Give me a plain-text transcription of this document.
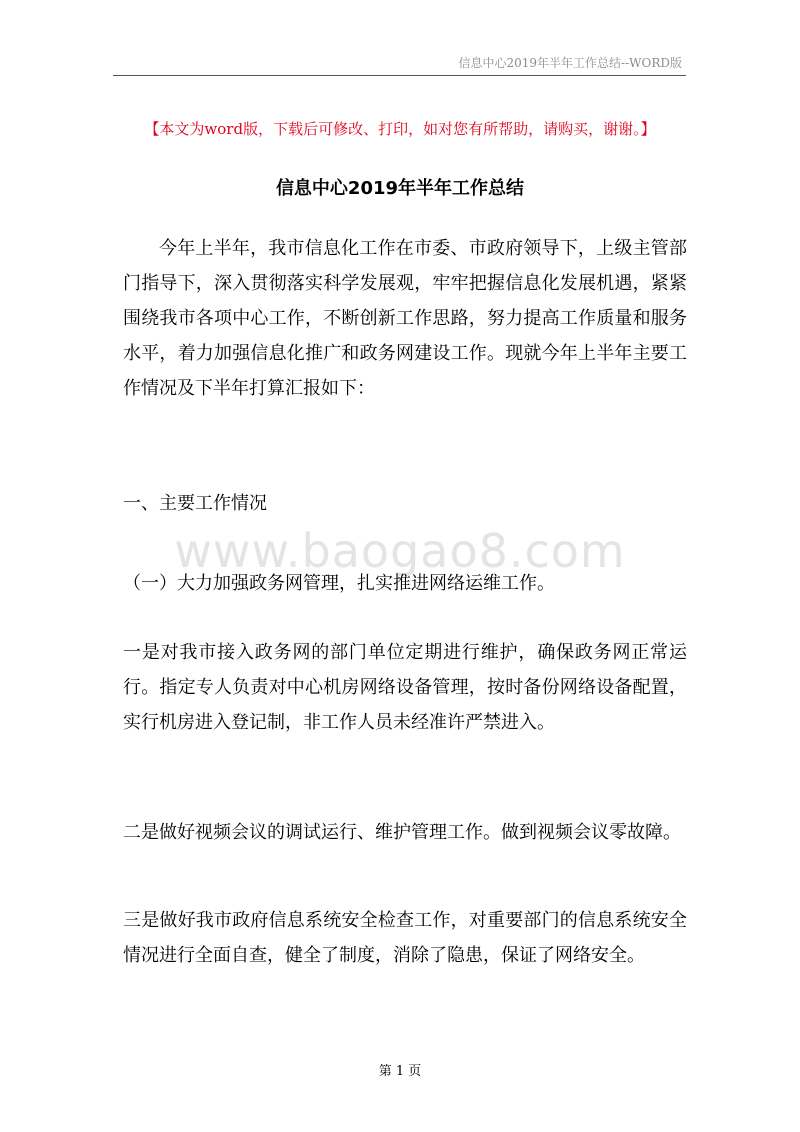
信息中心2019年半年工作总结--WORD版
【本文为word版，下载后可修改、打印，如对您有所帮助，请购买，谢谢。】
信息中心2019年半年工作总结
今年上半年，我市信息化工作在市委、市政府领导下，上级主管部门指导下，深入贯彻落实科学发展观，牢牢把握信息化发展机遇，紧紧围绕我市各项中心工作，不断创新工作思路，努力提高工作质量和服务水平，着力加强信息化推广和政务网建设工作。现就今年上半年主要工作情况及下半年打算汇报如下：
一、主要工作情况
www.baogao8.com
（一）大力加强政务网管理，扎实推进网络运维工作。
一是对我市接入政务网的部门单位定期进行维护，确保政务网正常运行。指定专人负责对中心机房网络设备管理，按时备份网络设备配置，实行机房进入登记制，非工作人员未经准许严禁进入。
二是做好视频会议的调试运行、维护管理工作。做到视频会议零故障。
三是做好我市政府信息系统安全检查工作，对重要部门的信息系统安全情况进行全面自查，健全了制度，消除了隐患，保证了网络安全。
第 1 页
